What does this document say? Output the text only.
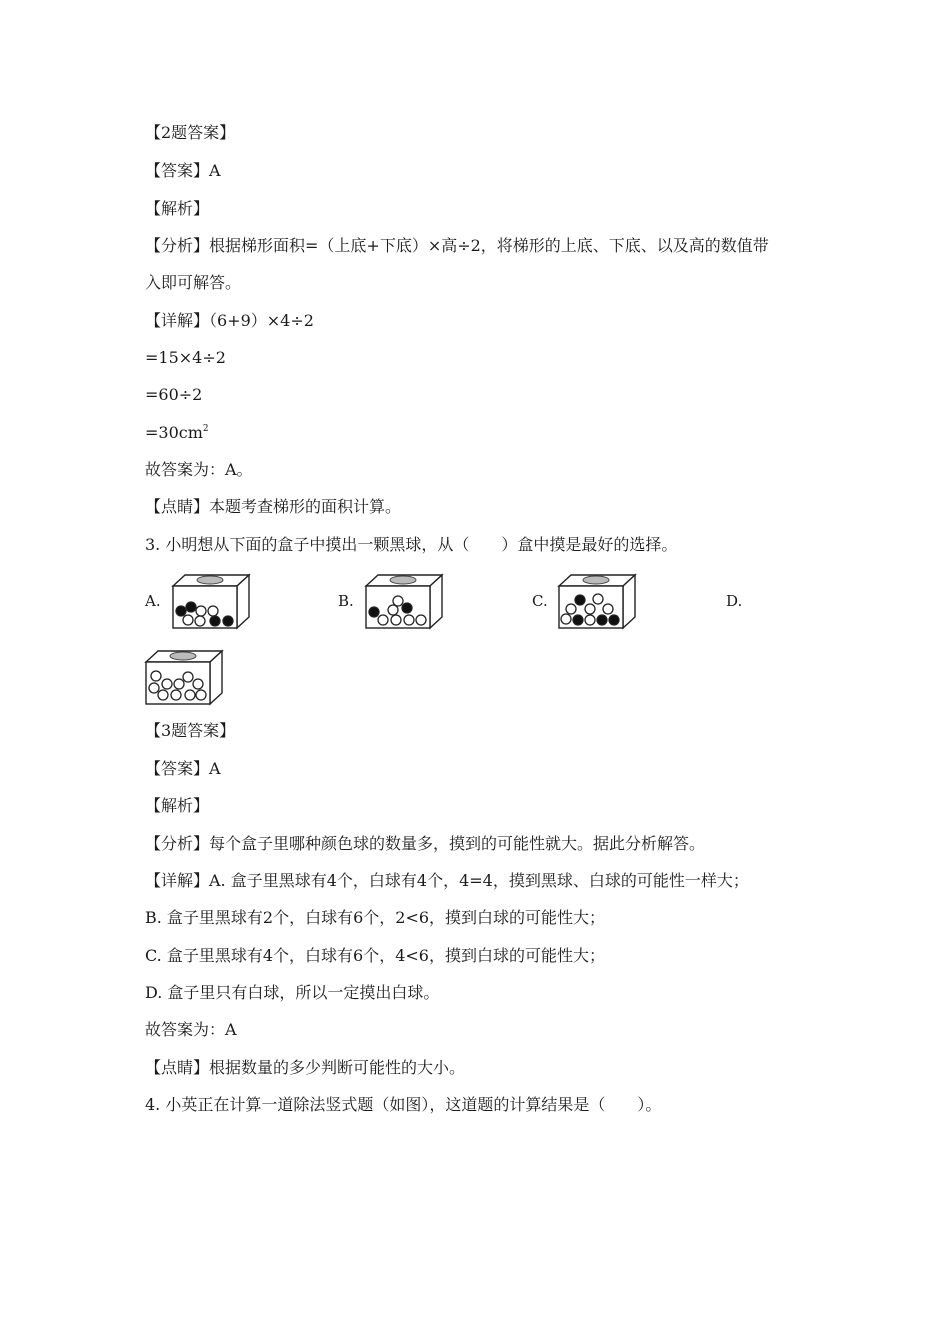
【2题答案】
【答案】A
【解析】
【分析】根据梯形面积=（上底+下底）×高÷2，将梯形的上底、下底、以及高的数值带
入即可解答。
【详解】（6+9）×4÷2
=15×4÷2
=60÷2
$=30cm^2$
故答案为：A。
【点睛】本题考查梯形的面积计算。
3. 小明想从下面的盒子中摸出一颗黑球，从（　　）盒中摸是最好的选择。
A.	B.	C.	D.
【3题答案】
【答案】A
【解析】
【分析】每个盒子里哪种颜色球的数量多，摸到的可能性就大。据此分析解答。
【详解】A. 盒子里黑球有4个，白球有4个，4=4，摸到黑球、白球的可能性一样大；
B. 盒子里黑球有2个，白球有6个，2<6，摸到白球的可能性大；
C. 盒子里黑球有4个，白球有6个，4<6，摸到白球的可能性大；
D. 盒子里只有白球，所以一定摸出白球。
故答案为：A
【点睛】根据数量的多少判断可能性的大小。
4. 小英正在计算一道除法竖式题（如图），这道题的计算结果是（　　）。
